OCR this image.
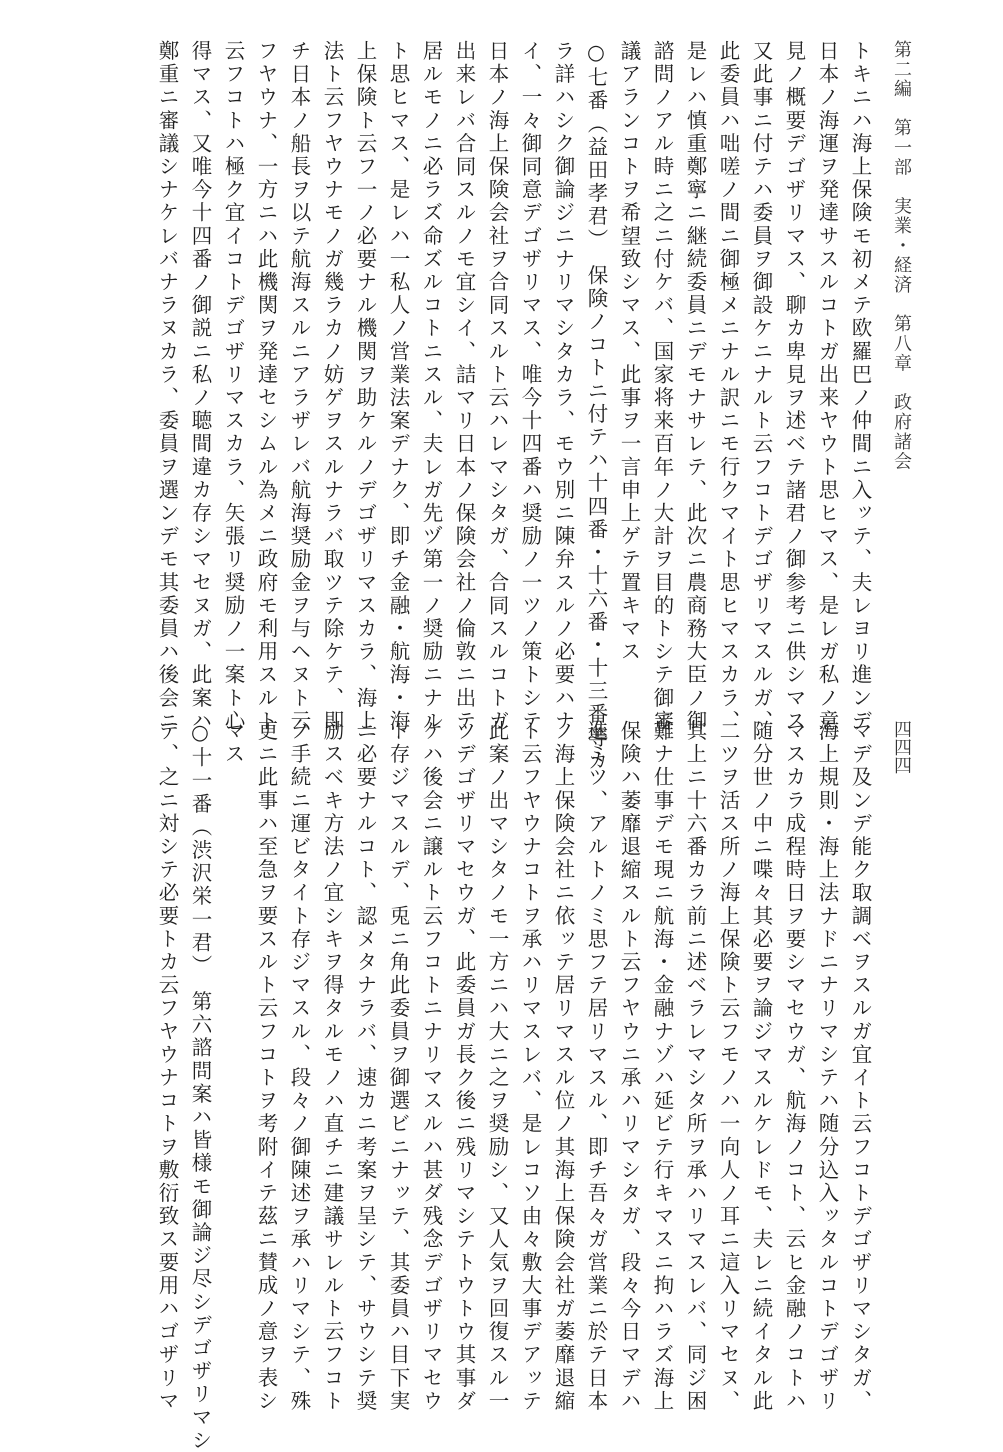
第二編　第一部　実業・経済　第八章　政府諸会
四四四

トキニハ海上保険モ初メテ欧羅巴ノ仲間ニ入ッテ、夫レヨリ進ンデ

日本ノ海運ヲ発達サスルコトガ出来ヤウト思ヒマス、是レガ私ノ意

見ノ概要デゴザリマス、聊カ卑見ヲ述ベテ諸君ノ御参考ニ供シマス

又此事ニ付テハ委員ヲ御設ケニナルト云フコトデゴザリマスルガ、

此委員ハ咄嗟ノ間ニ御極メニナル訳ニモ行クマイト思ヒマスカラ、

是レハ慎重鄭寧ニ継続委員ニデモナサレテ、此次ニ農商務大臣ノ御

諮問ノアル時ニ之ニ付ケバ、国家将来百年ノ大計ヲ目的トシテ御審

議アランコトヲ希望致シマス、此事ヲ一言申上ゲテ置キマス

○七番（益田孝君）　保険ノコトニ付テハ十四番・十六番・十三番等カ

ラ詳ハシク御論ジニナリマシタカラ、モウ別ニ陳弁スルノ必要ハナ

イ、一々御同意デゴザリマス、唯今十四番ハ奨励ノ一ツノ策トシテ

日本ノ海上保険会社ヲ合同スルト云ハレマシタガ、合同スルコトガ

出来レバ合同スルノモ宜シイ、詰マリ日本ノ保険会社ノ倫敦ニ出テ

居ルモノニ必ラズ命ズルコトニスル、夫レガ先ヅ第一ノ奨励ニナル

ト思ヒマス、是レハ一私人ノ営業法案デナク、即チ金融・航海・海

上保険ト云フ一ノ必要ナル機関ヲ助ケルノデゴザリマスカラ、海上

法ト云フヤウナモノガ幾ラカノ妨ゲヲスルナラバ取ツテ除ケテ、即

チ日本ノ船長ヲ以テ航海スルニアラザレバ航海奨励金ヲ与ヘヌト云

フヤウナ、一方ニハ此機関ヲ発達セシムル為メニ政府モ利用スルト

云フコトハ極ク宜イコトデゴザリマスカラ、矢張リ奨励ノ一案ト心

得マス、又唯今十四番ノ御説ニ私ノ聴間違カ存シマセヌガ、此案ハ

鄭重ニ審議シナケレバナラヌカラ、委員ヲ選ンデモ其委員ハ後会ニ

マデ及ンデ能ク取調ベヲスルガ宜イト云フコトデゴザリマシタガ、

海上規則・海上法ナドニナリマシテハ随分込入ッタルコトデゴザリ

マスカラ成程時日ヲ要シマセウガ、航海ノコト、云ヒ金融ノコトハ

随分世ノ中ニ喋々其必要ヲ論ジマスルケレドモ、夫レニ続イタル此

二ツヲ活ス所ノ海上保険ト云フモノハ一向人ノ耳ニ這入リマセヌ、

其上ニ十六番カラ前ニ述ベラレマシタ所ヲ承ハリマスレバ、同ジ困

難ナ仕事デモ現ニ航海・金融ナゾハ延ビテ行キマスニ拘ハラズ海上

保険ハ萎靡退縮スルト云フヤウニ承ハリマシタガ、段々今日マデハ

進ミツ、アルトノミ思フテ居リマスル、即チ吾々ガ営業ニ於テ日本

ノ海上保険会社ニ依ッテ居リマスル位ノ其海上保険会社ガ萎靡退縮

ト云フヤウナコトヲ承ハリマスレバ、是レコソ由々敷大事デアッテ

此案ノ出マシタノモ一方ニハ大ニ之ヲ奨励シ、又人気ヲ回復スル一

ツデゴザリマセウガ、此委員ガ長ク後ニ残リマシテトウトウ其事ダ

ケハ後会ニ譲ルト云フコトニナリマスルハ甚ダ残念デゴザリマセウ

ト存ジマスルデ、兎ニ角此委員ヲ御選ビニナッテ、其委員ハ目下実

ニ必要ナルコト、認メタナラバ、速カニ考案ヲ呈シテ、サウシテ奨

励スベキ方法ノ宜シキヲ得タルモノハ直チニ建議サレルト云フコト

ノ手続ニ運ビタイト存ジマスル、段々ノ御陳述ヲ承ハリマシテ、殊

更ニ此事ハ至急ヲ要スルト云フコトヲ考附イテ茲ニ賛成ノ意ヲ表シ

マス

○十一番（渋沢栄一君）　第六諮問案ハ皆様モ御論ジ尽シデゴザリマシ

テ、之ニ対シテ必要トカ云フヤウナコトヲ敷衍致ス要用ハゴザリマ
